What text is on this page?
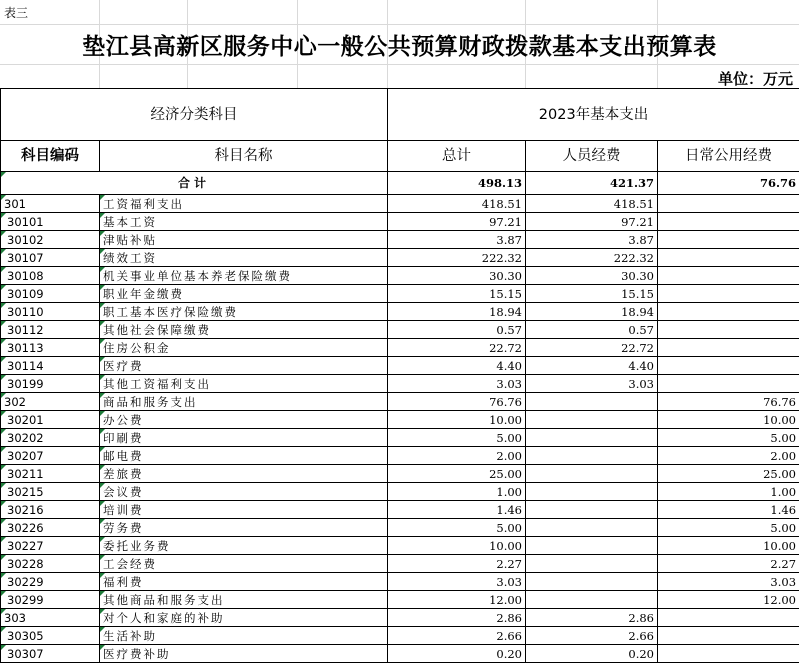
表三
垫江县高新区服务中心一般公共预算财政拨款基本支出预算表
单位：万元
经济分类科目		2023年基本支出		
科目编码	科目名称	总计	人员经费	日常公用经费

合计		498.13	421.37	76.76

301	工资福利支出	418.51	418.51	

30101	基本工资	97.21	97.21	

30102	津贴补贴	3.87	3.87	

30107	绩效工资	222.32	222.32	

30108	机关事业单位基本养老保险缴费	30.30	30.30	

30109	职业年金缴费	15.15	15.15	

30110	职工基本医疗保险缴费	18.94	18.94	

30112	其他社会保障缴费	0.57	0.57	

30113	住房公积金	22.72	22.72	

30114	医疗费	4.40	4.40	

30199	其他工资福利支出	3.03	3.03	

302	商品和服务支出	76.76		76.76

30201	办公费	10.00		10.00

30202	印刷费	5.00		5.00

30207	邮电费	2.00		2.00

30211	差旅费	25.00		25.00

30215	会议费	1.00		1.00

30216	培训费	1.46		1.46

30226	劳务费	5.00		5.00

30227	委托业务费	10.00		10.00

30228	工会经费	2.27		2.27

30229	福利费	3.03		3.03

30299	其他商品和服务支出	12.00		12.00

303	对个人和家庭的补助	2.86	2.86	

30305	生活补助	2.66	2.66	

30307	医疗费补助	0.20	0.20	
